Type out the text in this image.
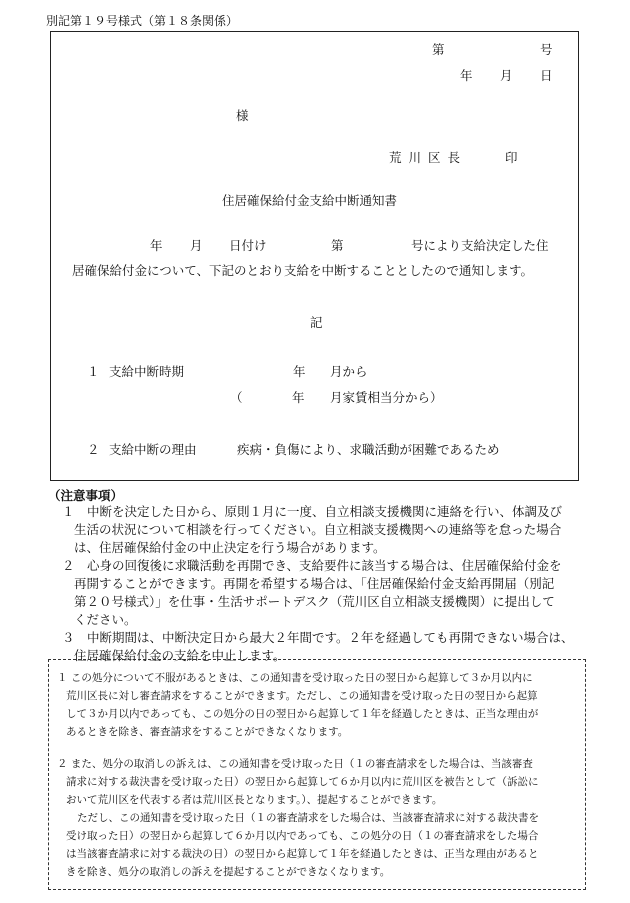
別記第１９号様式（第１８条関係）
第	号
年 月 日
様
荒川区長	印
住居確保給付金支給中断通知書
年 月 日付け	第	号により支給決定した住
居確保給付金について、下記のとおり支給を中断することとしたので通知します。
記
１ 支給中断時期	年 月から
（	年 月家賃相当分から）
２ 支給中断の理由	疾病・負傷により、求職活動が困難であるため
（注意事項）
１　中断を決定した日から、原則１月に一度、自立相談支援機関に連絡を行い、体調及び
生活の状況について相談を行ってください。自立相談支援機関への連絡等を怠った場合
は、住居確保給付金の中止決定を行う場合があります。
２　心身の回復後に求職活動を再開でき、支給要件に該当する場合は、住居確保給付金を
再開することができます。再開を希望する場合は、「住居確保給付金支給再開届（別記
第２０号様式）」を仕事・生活サポートデスク（荒川区自立相談支援機関）に提出して
ください。
３　中断期間は、中断決定日から最大２年間です。２年を経過しても再開できない場合は、
住居確保給付金の支給を中止します。
１ この処分について不服があるときは、この通知書を受け取った日の翌日から起算して３か月以内に
荒川区長に対し審査請求をすることができます。ただし、この通知書を受け取った日の翌日から起算
して３か月以内であっても、この処分の日の翌日から起算して１年を経過したときは、正当な理由が
あるときを除き、審査請求をすることができなくなります。
２ また、処分の取消しの訴えは、この通知書を受け取った日（１の審査請求をした場合は、当該審査
請求に対する裁決書を受け取った日）の翌日から起算して６か月以内に荒川区を被告として（訴訟に
おいて荒川区を代表する者は荒川区長となります。）、提起することができます。
ただし、この通知書を受け取った日（１の審査請求をした場合は、当該審査請求に対する裁決書を
受け取った日）の翌日から起算して６か月以内であっても、この処分の日（１の審査請求をした場合
は当該審査請求に対する裁決の日）の翌日から起算して１年を経過したときは、正当な理由があると
きを除き、処分の取消しの訴えを提起することができなくなります。
